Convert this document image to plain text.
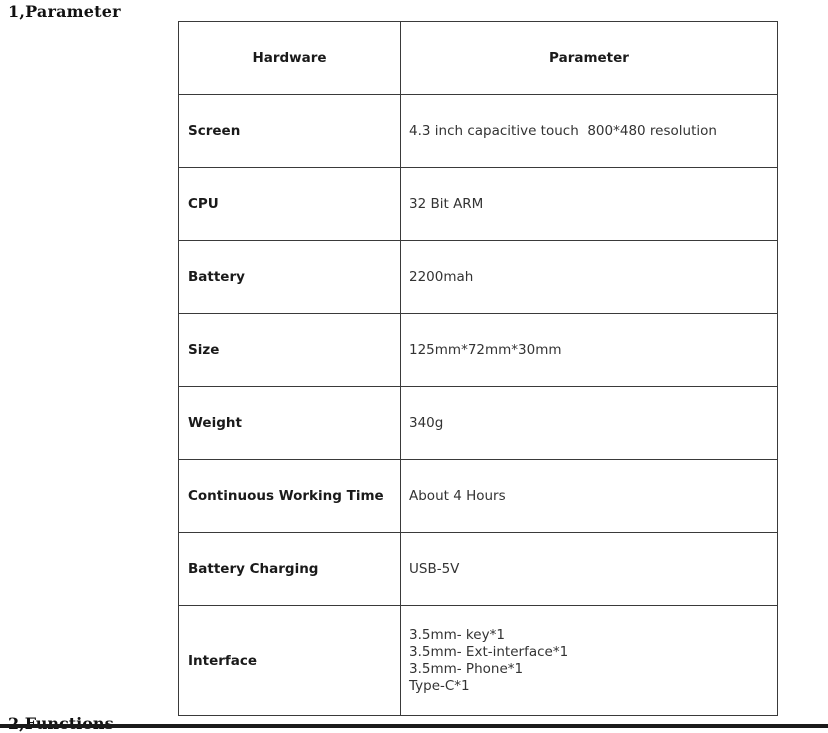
1,Parameter
Hardware	Parameter
Screen	4.3 inch capacitive touch  800*480 resolution
CPU	32 Bit ARM
Battery	2200mah
Size	125mm*72mm*30mm
Weight	340g
Continuous Working Time	About 4 Hours
Battery Charging	USB-5V
Interface	3.5mm- key*1
3.5mm- Ext-interface*1
3.5mm- Phone*1
Type-C*1
